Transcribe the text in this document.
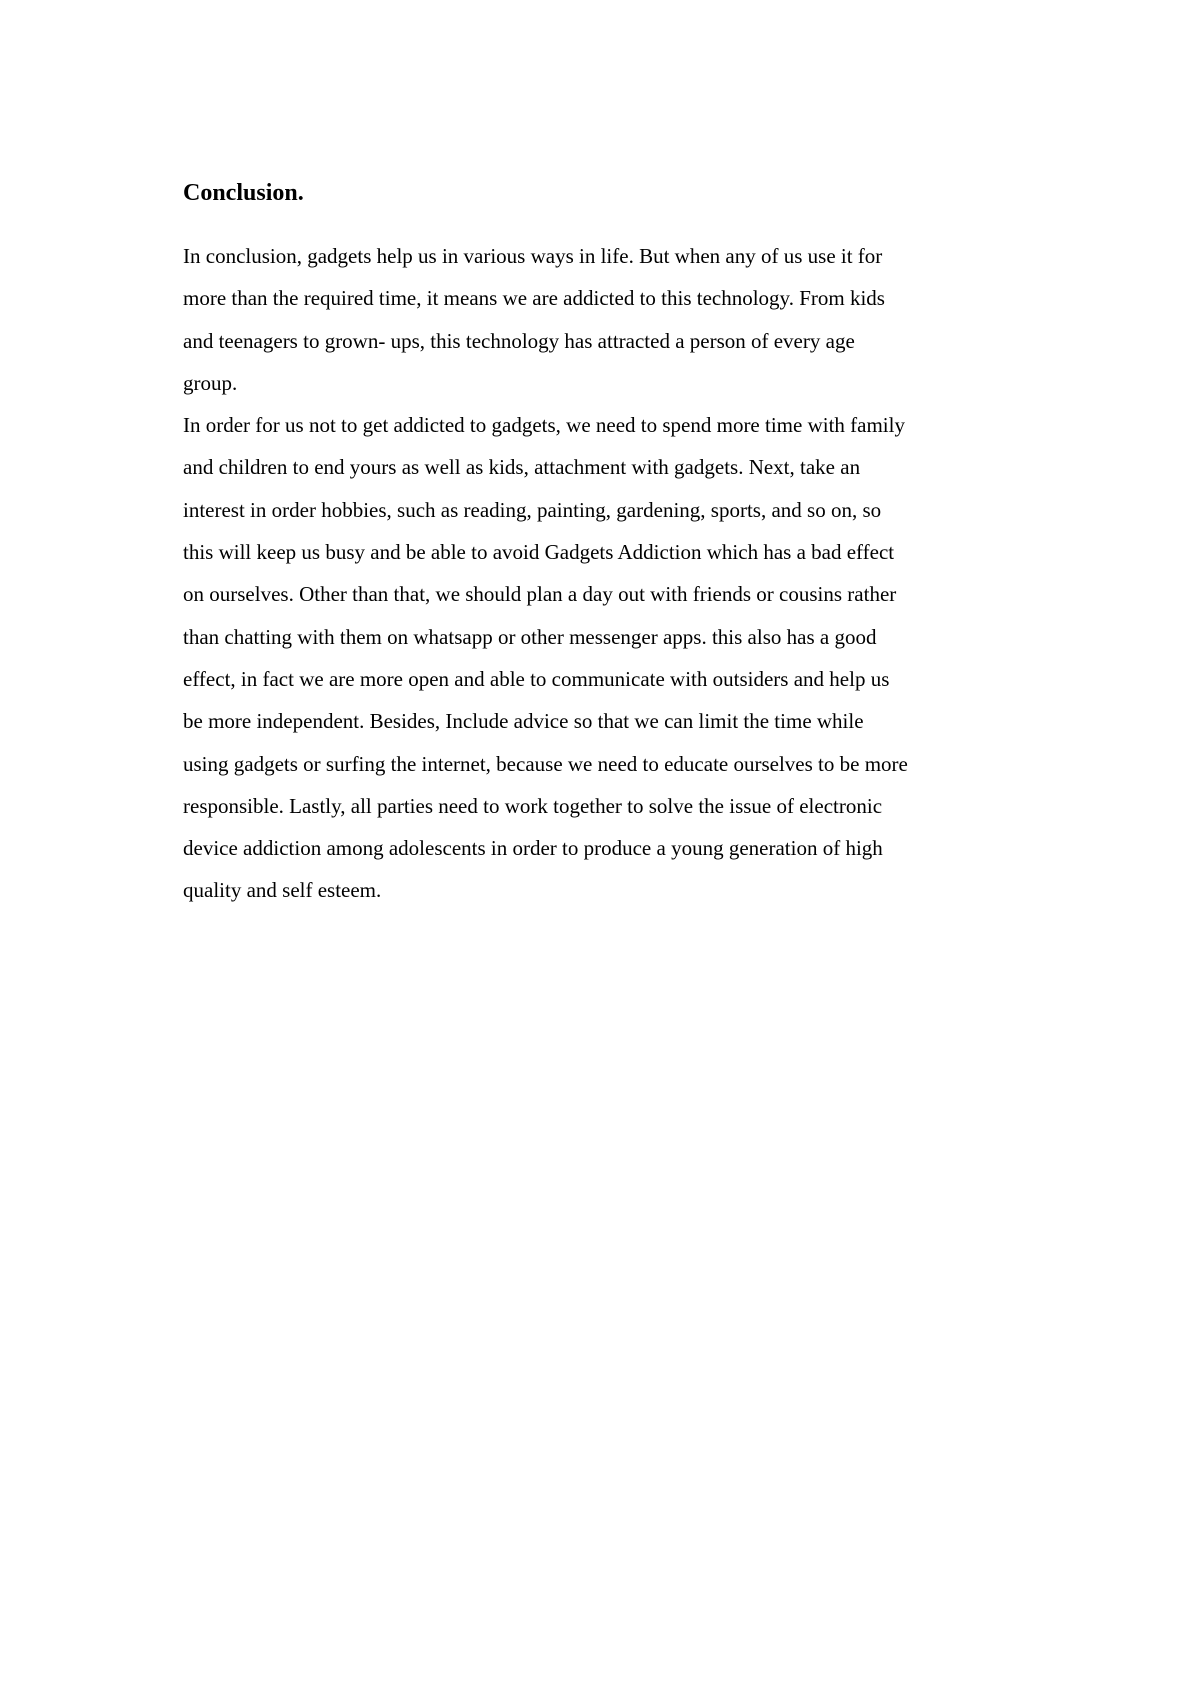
Conclusion.

In conclusion, gadgets help us in various ways in life. But when any of us use it for
more than the required time, it means we are addicted to this technology. From kids
and teenagers to grown- ups, this technology has attracted a person of every age
group.

In order for us not to get addicted to gadgets, we need to spend more time with family
and children to end yours as well as kids, attachment with gadgets. Next, take an
interest in order hobbies, such as reading, painting, gardening, sports, and so on, so
this will keep us busy and be able to avoid Gadgets Addiction which has a bad effect
on ourselves. Other than that, we should plan a day out with friends or cousins rather
than chatting with them on whatsapp or other messenger apps. this also has a good
effect, in fact we are more open and able to communicate with outsiders and help us
be more independent. Besides, Include advice so that we can limit the time while
using gadgets or surfing the internet, because we need to educate ourselves to be more
responsible. Lastly, all parties need to work together to solve the issue of electronic
device addiction among adolescents in order to produce a young generation of high
quality and self esteem.
